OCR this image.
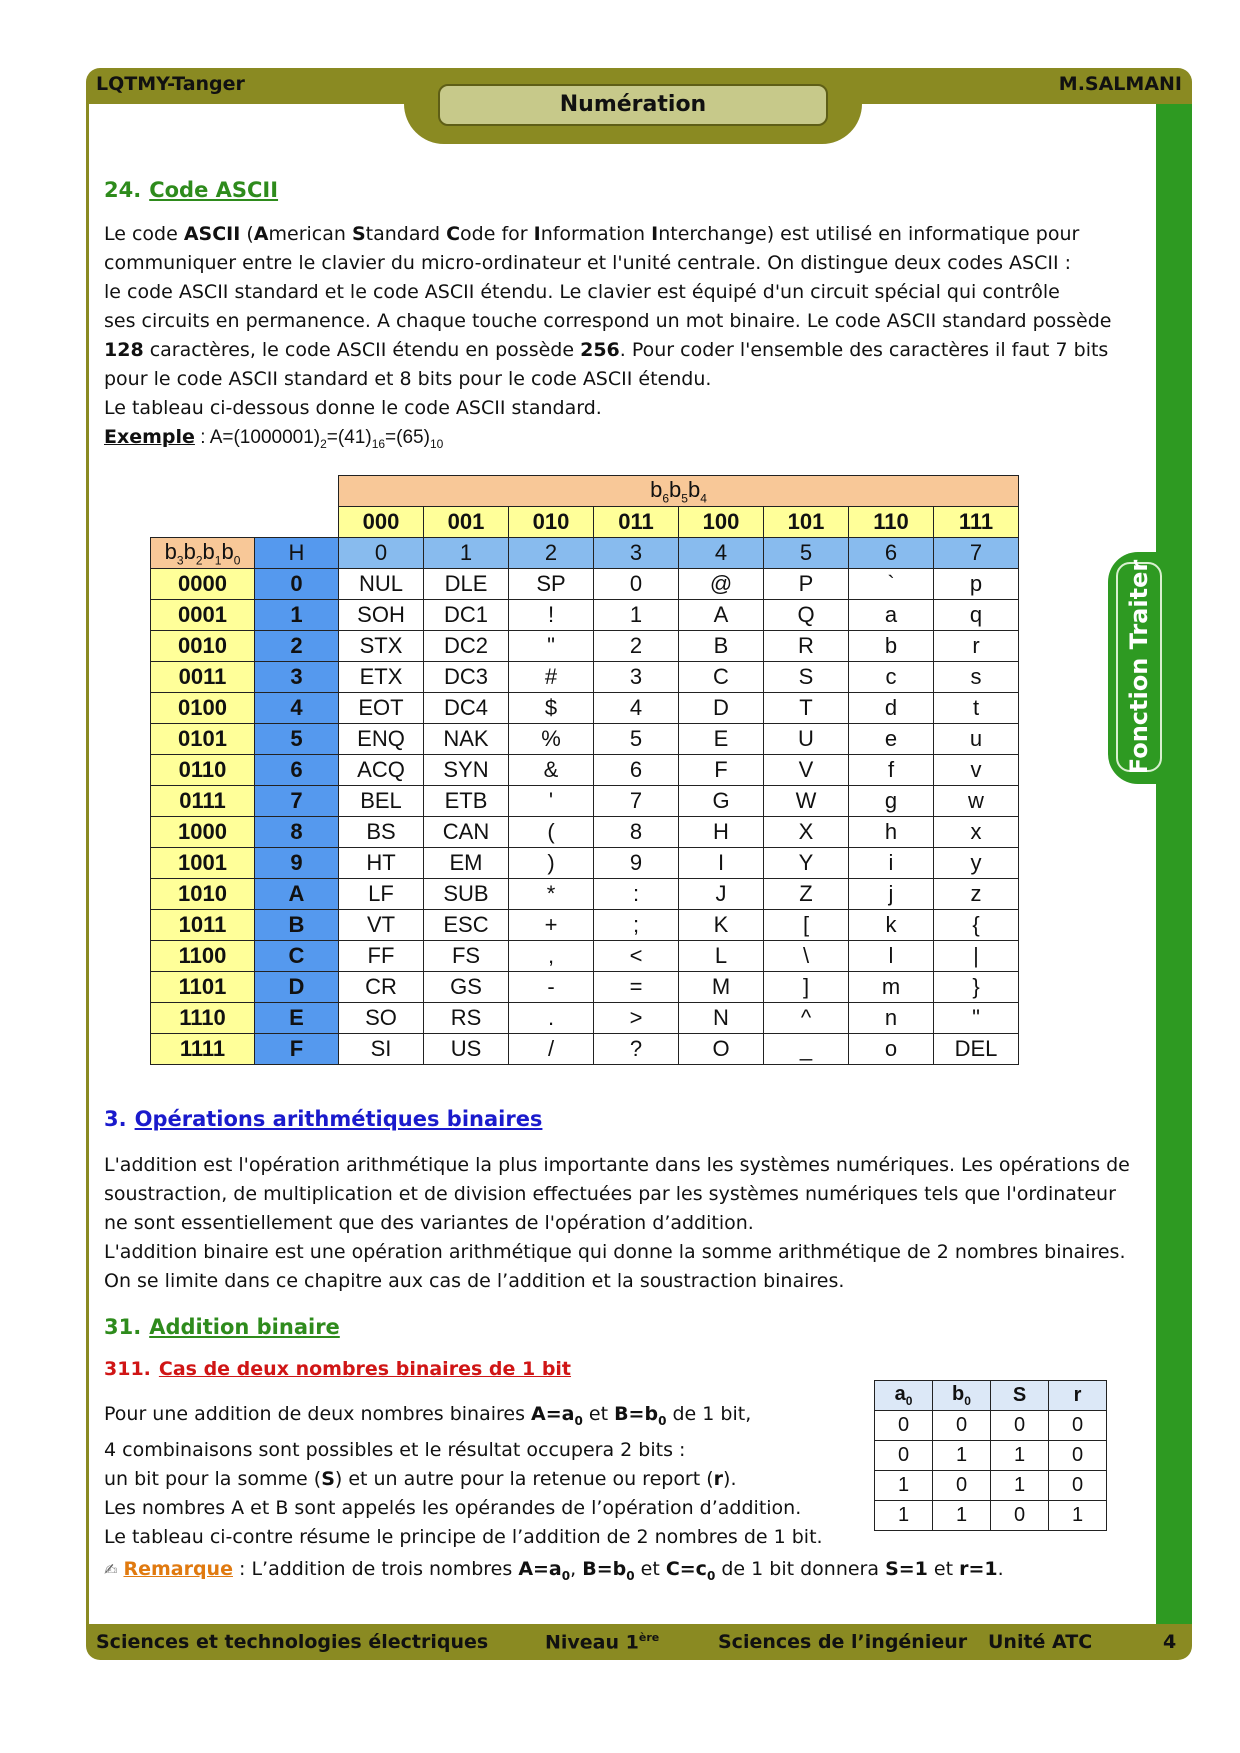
Numération
LQTMY-Tanger	M.SALMANI
Fonction Traiter
24. Code ASCII

Le code ASCII (American Standard Code for Information Interchange) est utilisé en informatique pour

communiquer entre le clavier du micro-ordinateur et l'unité centrale. On distingue deux codes ASCII :

le code ASCII standard et le code ASCII étendu. Le clavier est équipé d'un circuit spécial qui contrôle

ses circuits en permanence. A chaque touche correspond un mot binaire. Le code ASCII standard possède

128 caractères, le code ASCII étendu en possède 256. Pour coder l'ensemble des caractères il faut 7 bits

pour le code ASCII standard et 8 bits pour le code ASCII étendu.

Le tableau ci-dessous donne le code ASCII standard.

Exemple : $A=(1000001)_2=(41)_{16}=(65)_{10}$

		$b_6b_5b_4$
		000	001	010	011	100	101	110	111
$b_3b_2b_1b_0$	H	0	1	2	3	4	5	6	7
0000	0	NUL	DLE	SP	0	@	P	`	p
0001	1	SOH	DC1	!	1	A	Q	a	q
0010	2	STX	DC2	"	2	B	R	b	r
0011	3	ETX	DC3	#	3	C	S	c	s
0100	4	EOT	DC4	$	4	D	T	d	t
0101	5	ENQ	NAK	%	5	E	U	e	u
0110	6	ACQ	SYN	&	6	F	V	f	v
0111	7	BEL	ETB	'	7	G	W	g	w
1000	8	BS	CAN	(	8	H	X	h	x
1001	9	HT	EM	)	9	I	Y	i	y
1010	A	LF	SUB	*	:	J	Z	j	z
1011	B	VT	ESC	+	;	K	[	k	{
1100	C	FF	FS	,	<	L	\	l	|
1101	D	CR	GS	-	=	M	]	m	}
1110	E	SO	RS	.	>	N	^	n	"
1111	F	SI	US	/	?	O	_	o	DEL
3. Opérations arithmétiques binaires

L'addition est l'opération arithmétique la plus importante dans les systèmes numériques. Les opérations de

soustraction, de multiplication et de division effectuées par les systèmes numériques tels que l'ordinateur

ne sont essentiellement que des variantes de l'opération d’addition.

L'addition binaire est une opération arithmétique qui donne la somme arithmétique de 2 nombres binaires.

On se limite dans ce chapitre aux cas de l’addition et la soustraction binaires.

31. Addition binaire
311. Cas de deux nombres binaires de 1 bit

Pour une addition de deux nombres binaires $A=a_0$ et $B=b_0$ de 1 bit,

4 combinaisons sont possibles et le résultat occupera 2 bits :

un bit pour la somme (S) et un autre pour la retenue ou report (r).

Les nombres A et B sont appelés les opérandes de l’opération d’addition.

Le tableau ci-contre résume le principe de l’addition de 2 nombres de 1 bit.

$a_0$	$b_0$	S	r
0	0	0	0
0	1	1	0
1	0	1	0
1	1	0	1

✍ Remarque : L’addition de trois nombres $A=a_0$, $B=b_0$ et $C=c_0$ de 1 bit donnera S=1 et r=1.

Sciences et technologies électriques	Niveau 1ère	Sciences de l’ingénieur Unité ATC	4
